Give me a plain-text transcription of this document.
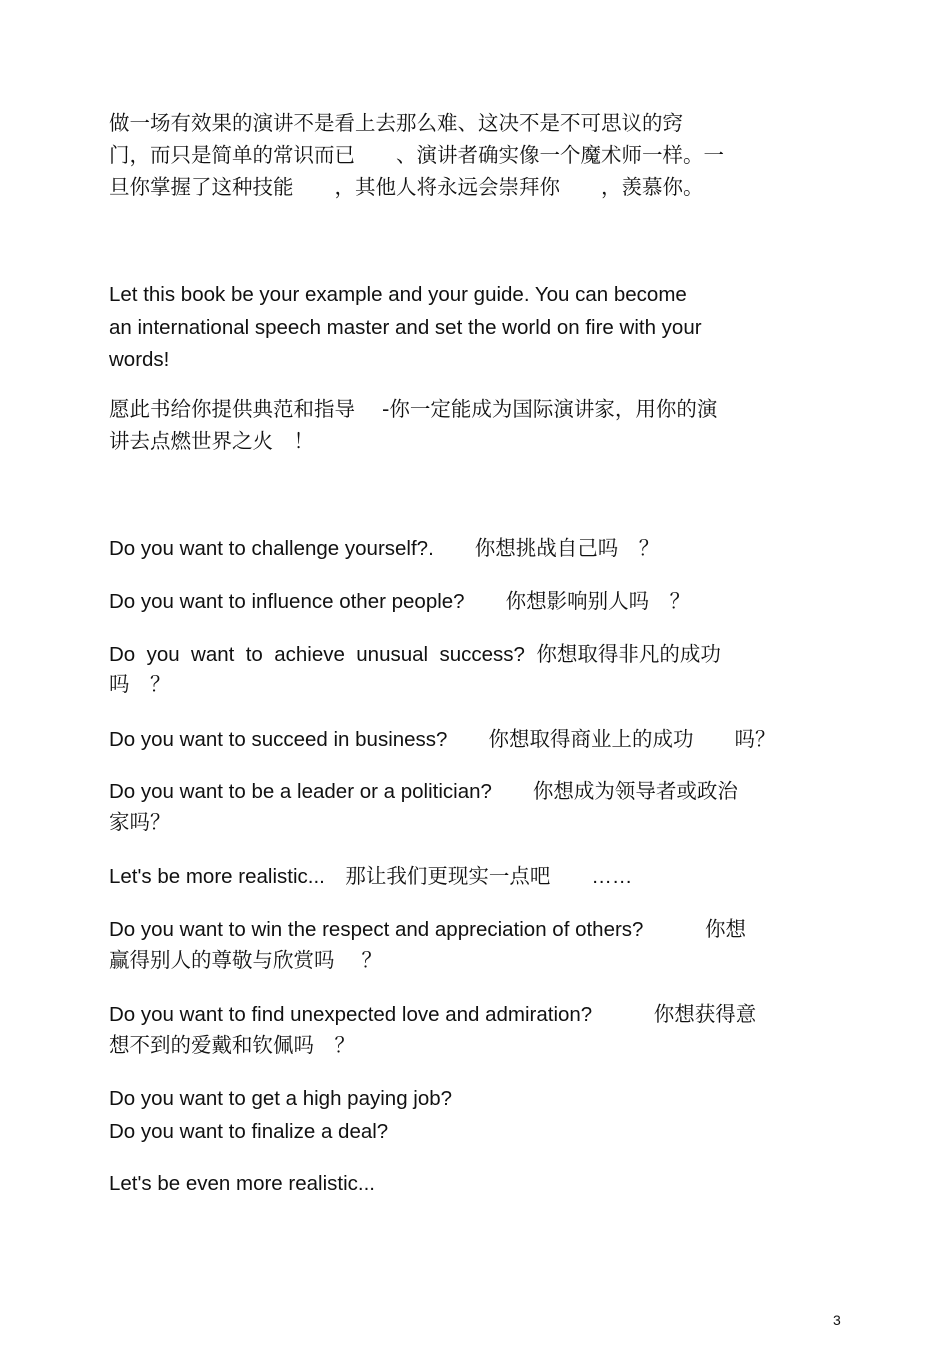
做一场有效果的演讲不是看上去那么难、这决不是不可思议的窍

门，而只是简单的常识而已　　、演讲者确实像一个魔术师一样。一

旦你掌握了这种技能　　，其他人将永远会崇拜你　　，羡慕你。

Let this book be your example and your guide. You can become

an international speech master and set the world on fire with your

words!

愿此书给你提供典范和指导　 -你一定能成为国际演讲家，用你的演

讲去点燃世界之火　！

Do you want to challenge yourself?.　　你想挑战自己吗　？

Do you want to influence other people?　　你想影响别人吗　？

Do  you  want  to  achieve  unusual  success?  你想取得非凡的成功

吗　？

Do you want to succeed in business?　　你想取得商业上的成功　　吗？

Do you want to be a leader or a politician?　　你想成为领导者或政治

家吗？

Let's be more realistic...　那让我们更现实一点吧　　……

Do you want to win the respect and appreciation of others?　　　你想

赢得别人的尊敬与欣赏吗　 ？

Do you want to find unexpected love and admiration?　　　你想获得意

想不到的爱戴和钦佩吗　？

Do you want to get a high paying job?

Do you want to finalize a deal?

Let's be even more realistic...

3
